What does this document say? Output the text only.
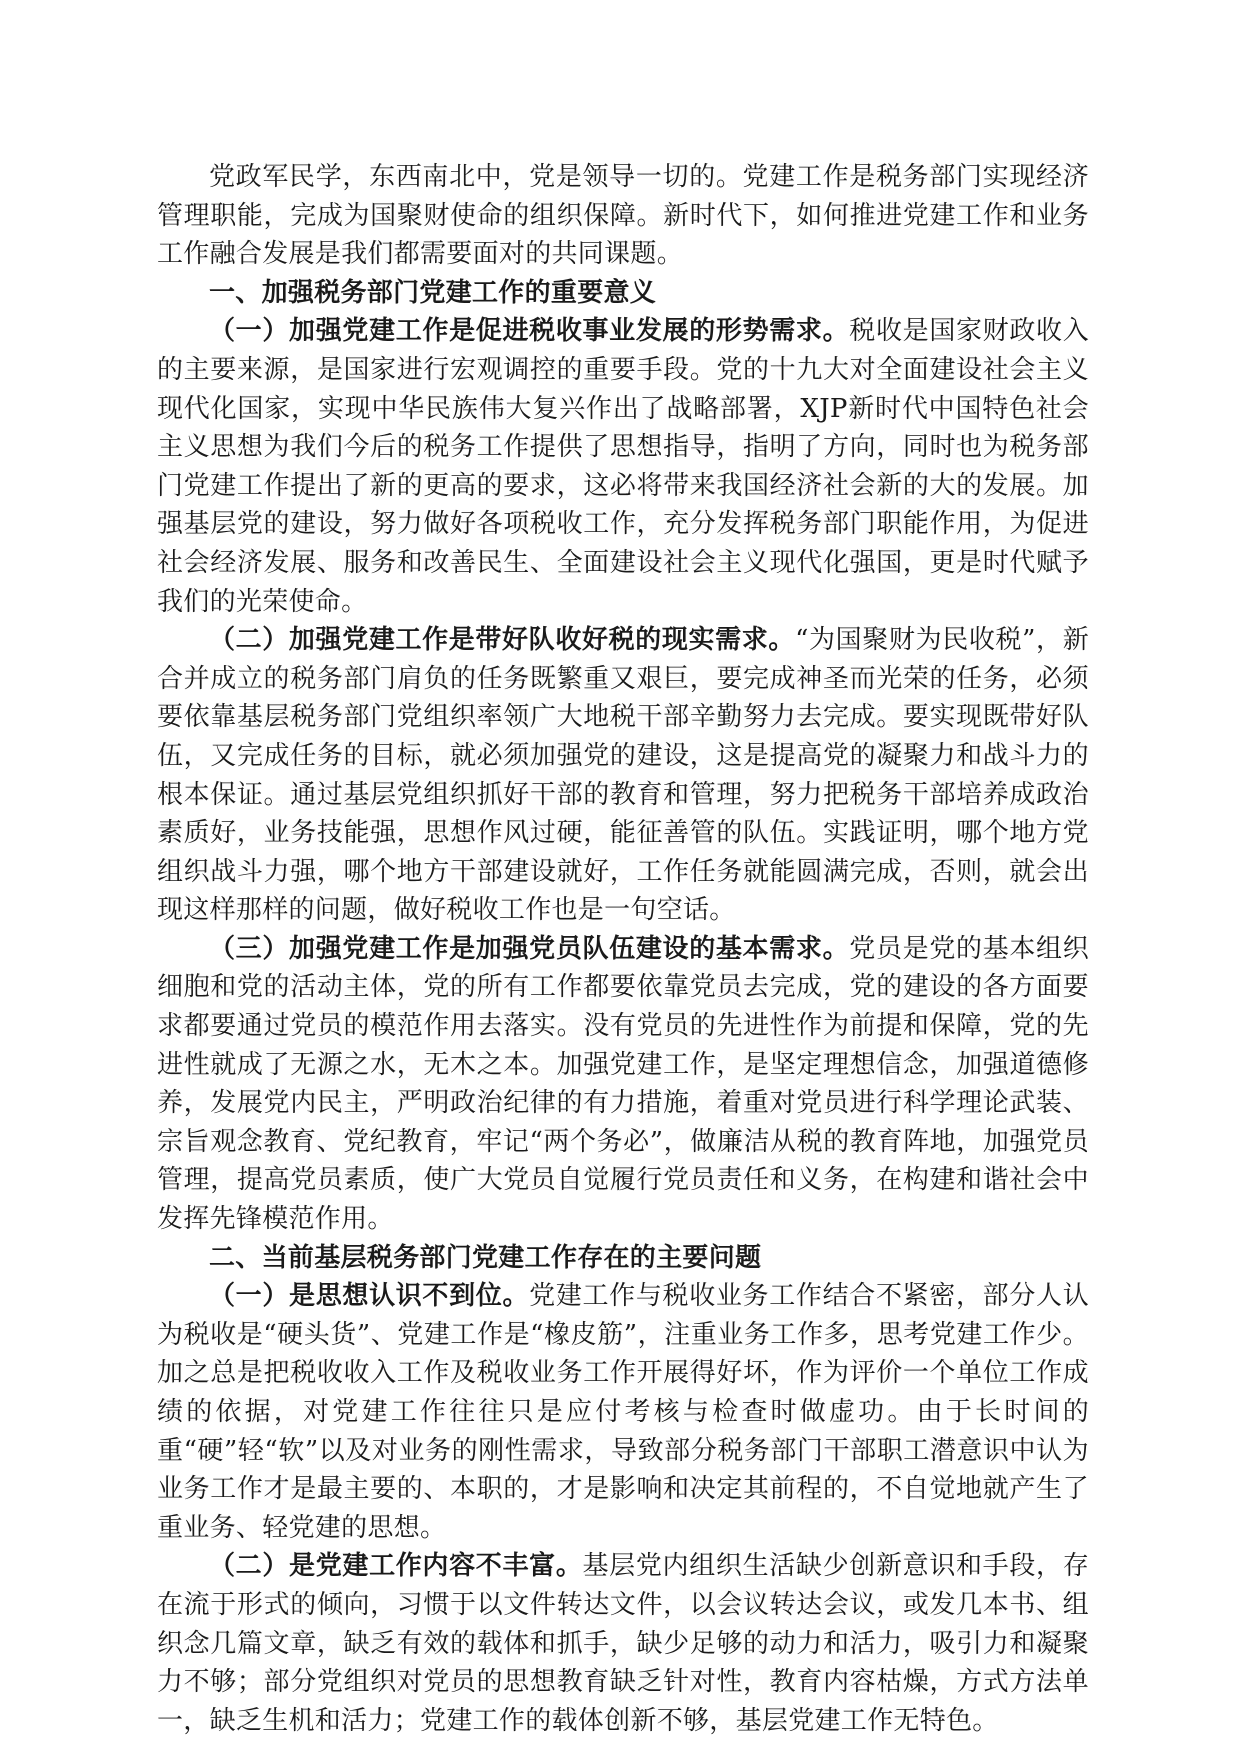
党政军民学，东西南北中，党是领导一切的。党建工作是税务部门实现经济管理职能，完成为国聚财使命的组织保障。新时代下，如何推进党建工作和业务工作融合发展是我们都需要面对的共同课题。

一、加强税务部门党建工作的重要意义

（一）加强党建工作是促进税收事业发展的形势需求。税收是国家财政收入的主要来源，是国家进行宏观调控的重要手段。党的十九大对全面建设社会主义现代化国家，实现中华民族伟大复兴作出了战略部署，XJP新时代中国特色社会主义思想为我们今后的税务工作提供了思想指导，指明了方向，同时也为税务部门党建工作提出了新的更高的要求，这必将带来我国经济社会新的大的发展。加强基层党的建设，努力做好各项税收工作，充分发挥税务部门职能作用，为促进社会经济发展、服务和改善民生、全面建设社会主义现代化强国，更是时代赋予我们的光荣使命。

（二）加强党建工作是带好队收好税的现实需求。“为国聚财为民收税”，新合并成立的税务部门肩负的任务既繁重又艰巨，要完成神圣而光荣的任务，必须要依靠基层税务部门党组织率领广大地税干部辛勤努力去完成。要实现既带好队伍，又完成任务的目标，就必须加强党的建设，这是提高党的凝聚力和战斗力的根本保证。通过基层党组织抓好干部的教育和管理，努力把税务干部培养成政治素质好，业务技能强，思想作风过硬，能征善管的队伍。实践证明，哪个地方党组织战斗力强，哪个地方干部建设就好，工作任务就能圆满完成，否则，就会出现这样那样的问题，做好税收工作也是一句空话。

（三）加强党建工作是加强党员队伍建设的基本需求。党员是党的基本组织细胞和党的活动主体，党的所有工作都要依靠党员去完成，党的建设的各方面要求都要通过党员的模范作用去落实。没有党员的先进性作为前提和保障，党的先进性就成了无源之水，无木之本。加强党建工作，是坚定理想信念，加强道德修养，发展党内民主，严明政治纪律的有力措施，着重对党员进行科学理论武装、宗旨观念教育、党纪教育，牢记“两个务必”，做廉洁从税的教育阵地，加强党员管理，提高党员素质，使广大党员自觉履行党员责任和义务，在构建和谐社会中发挥先锋模范作用。

二、当前基层税务部门党建工作存在的主要问题

（一）是思想认识不到位。党建工作与税收业务工作结合不紧密，部分人认为税收是“硬头货”、党建工作是“橡皮筋”，注重业务工作多，思考党建工作少。加之总是把税收收入工作及税收业务工作开展得好坏，作为评价一个单位工作成绩的依据，对党建工作往往只是应付考核与检查时做虚功。由于长时间的重“硬”轻“软”以及对业务的刚性需求，导致部分税务部门干部职工潜意识中认为业务工作才是最主要的、本职的，才是影响和决定其前程的，不自觉地就产生了重业务、轻党建的思想。

（二）是党建工作内容不丰富。基层党内组织生活缺少创新意识和手段，存在流于形式的倾向，习惯于以文件转达文件，以会议转达会议，或发几本书、组织念几篇文章，缺乏有效的载体和抓手，缺少足够的动力和活力，吸引力和凝聚力不够；部分党组织对党员的思想教育缺乏针对性，教育内容枯燥，方式方法单一，缺乏生机和活力；党建工作的载体创新不够，基层党建工作无特色。
